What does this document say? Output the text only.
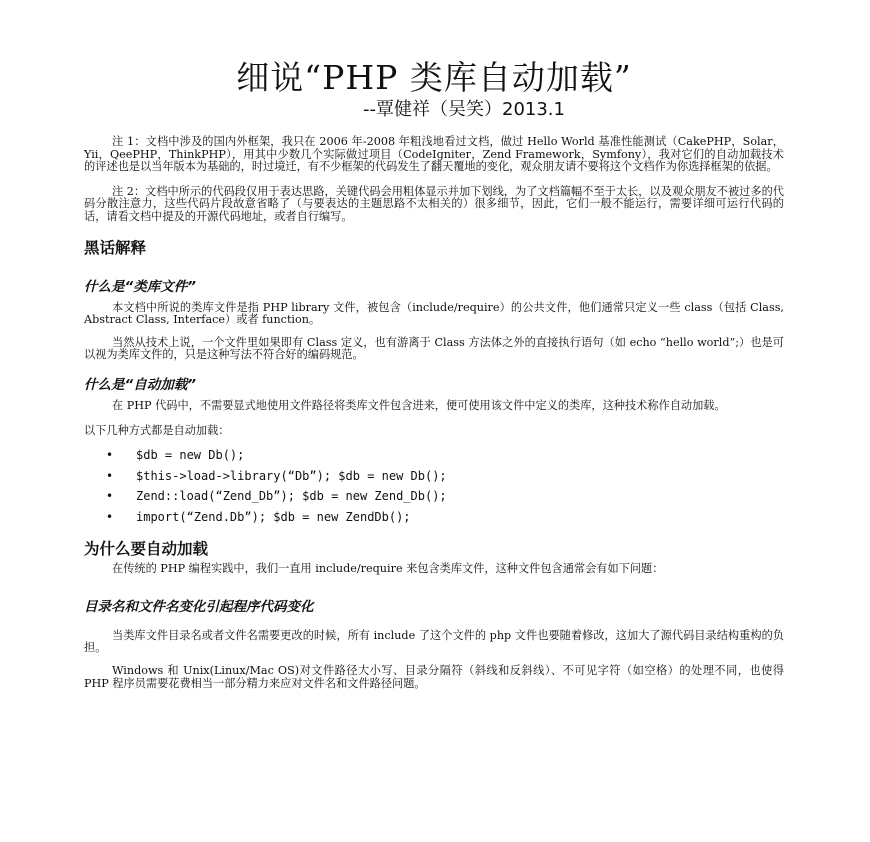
细说“PHP 类库自动加载”

--覃健祥（吴笑）2013.1

注 1：文档中涉及的国内外框架，我只在 2006 年-2008 年粗浅地看过文档，做过 Hello World 基准性能测试（CakePHP，Solar，Yii，QeePHP，ThinkPHP），用其中少数几个实际做过项目（CodeIgniter，Zend Framework，Symfony），我对它们的自动加载技术的评述也是以当年版本为基础的，时过境迁，有不少框架的代码发生了翻天覆地的变化，观众朋友请不要将这个文档作为你选择框架的依据。

注 2：文档中所示的代码段仅用于表达思路，关键代码会用粗体显示并加下划线，为了文档篇幅不至于太长，以及观众朋友不被过多的代码分散注意力，这些代码片段故意省略了（与要表达的主题思路不太相关的）很多细节，因此，它们一般不能运行，需要详细可运行代码的话，请看文档中提及的开源代码地址，或者自行编写。

黑话解释
什么是“类库文件”

本文档中所说的类库文件是指 PHP library 文件，被包含（include/require）的公共文件，他们通常只定义一些 class（包括 Class, Abstract Class, Interface）或者 function。

当然从技术上说，一个文件里如果即有 Class 定义，也有游离于 Class 方法体之外的直接执行语句（如 echo “hello world”;）也是可以视为类库文件的，只是这种写法不符合好的编码规范。

什么是“自动加载”

在 PHP 代码中，不需要显式地使用文件路径将类库文件包含进来，便可使用该文件中定义的类库，这种技术称作自动加载。

以下几种方式都是自动加载：

• $db = new Db();
• $this->load->library(“Db”); $db = new Db();
• Zend::load(“Zend_Db”); $db = new Zend_Db();
• import(“Zend.Db”); $db = new ZendDb();
为什么要自动加载

在传统的 PHP 编程实践中，我们一直用 include/require 来包含类库文件，这种文件包含通常会有如下问题：

目录名和文件名变化引起程序代码变化

当类库文件目录名或者文件名需要更改的时候，所有 include 了这个文件的 php 文件也要随着修改，这加大了源代码目录结构重构的负担。

Windows 和 Unix(Linux/Mac OS)对文件路径大小写、目录分隔符（斜线和反斜线）、不可见字符（如空格）的处理不同，也使得 PHP 程序员需要花费相当一部分精力来应对文件名和文件路径问题。
